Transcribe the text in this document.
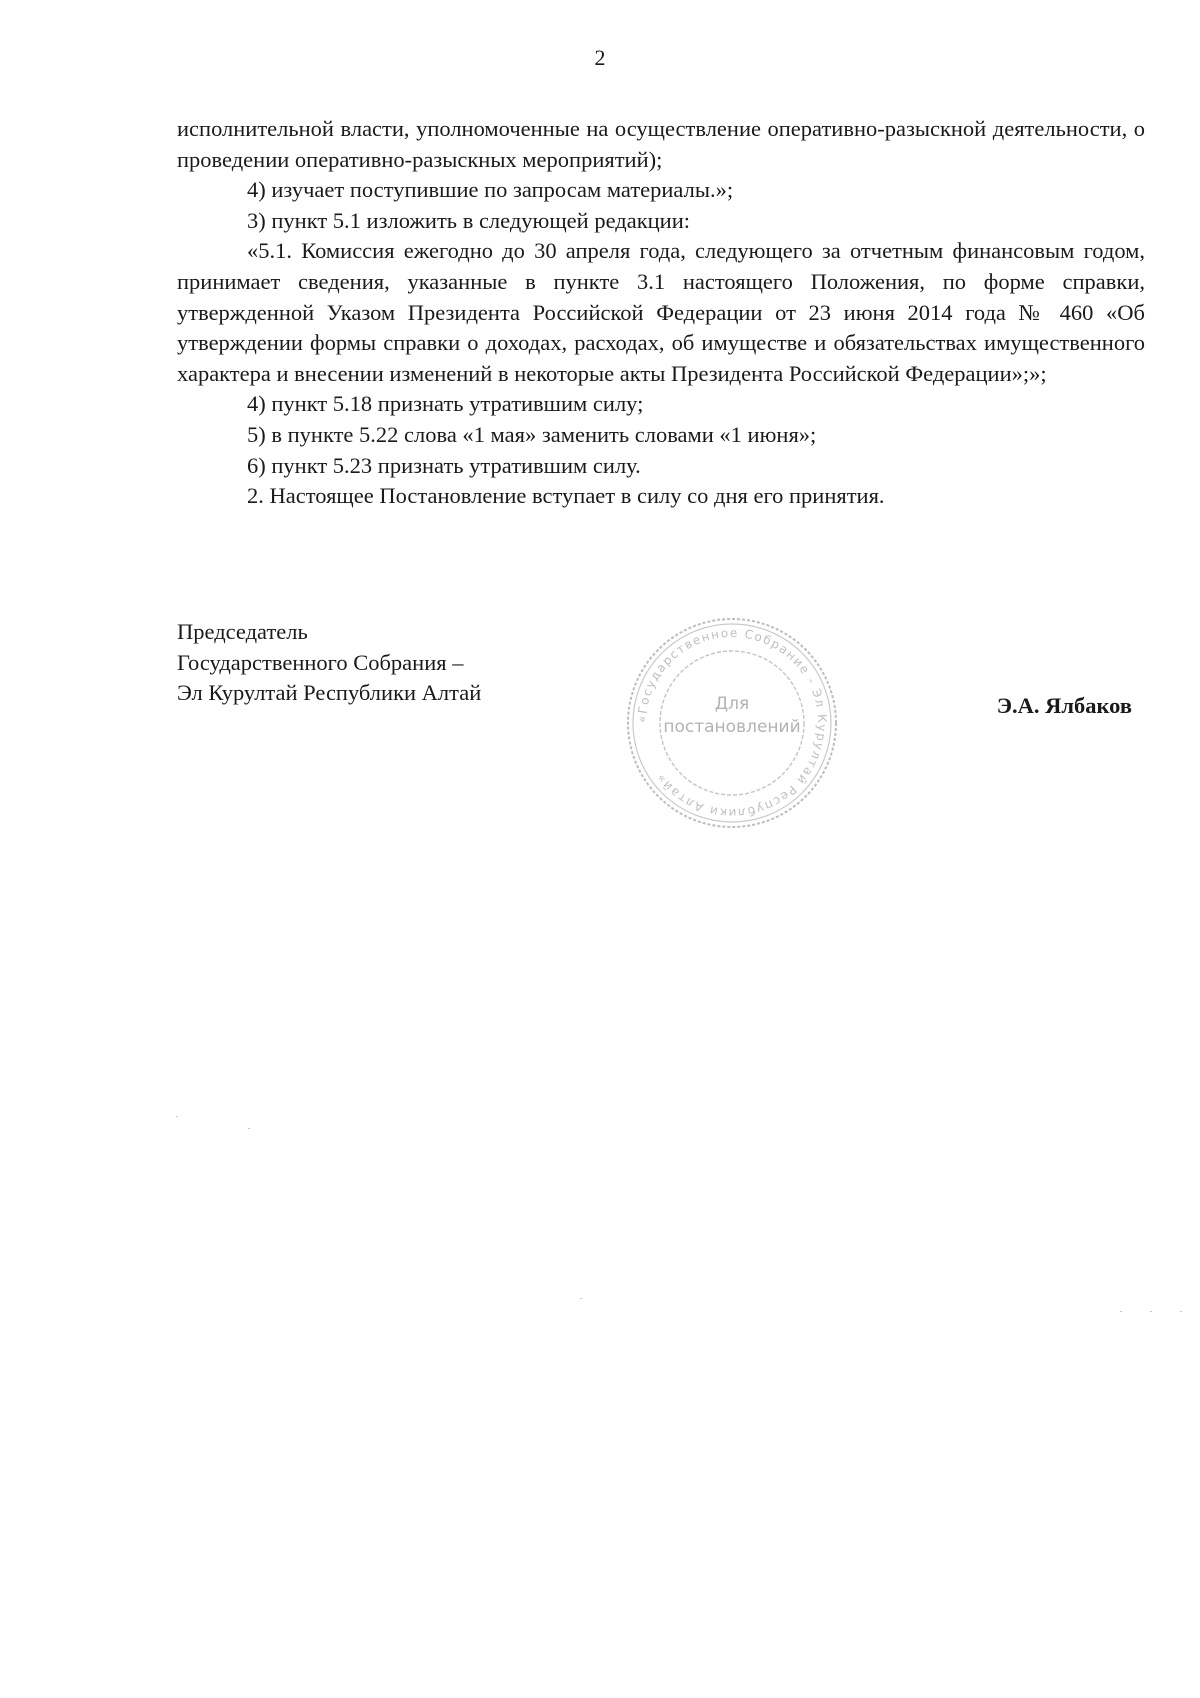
2

исполнительной власти, уполномоченные на осуществление оперативно-разыскной деятельности, о проведении оперативно-разыскных мероприятий);

4) изучает поступившие по запросам материалы.»;

3) пункт 5.1 изложить в следующей редакции:

«5.1. Комиссия ежегодно до 30 апреля года, следующего за отчетным финансовым годом, принимает сведения, указанные в пункте 3.1 настоящего Положения, по форме справки, утвержденной Указом Президента Российской Федерации от 23 июня 2014 года № 460 «Об утверждении формы справки о доходах, расходах, об имуществе и обязательствах имущественного характера и внесении изменений в некоторые акты Президента Российской Федерации»;»;

4) пункт 5.18 признать утратившим силу;

5) в пункте 5.22 слова «1 мая» заменить словами «1 июня»;

6) пункт 5.23 признать утратившим силу.

2. Настоящее Постановление вступает в силу со дня его принятия.

Председатель
Государственного Собрания –
Эл Курултай Республики Алтай
«Государственное Собрание - Эл Курултай Республики Алтай»
Для
постановлений
Э.А. Ялбаков
